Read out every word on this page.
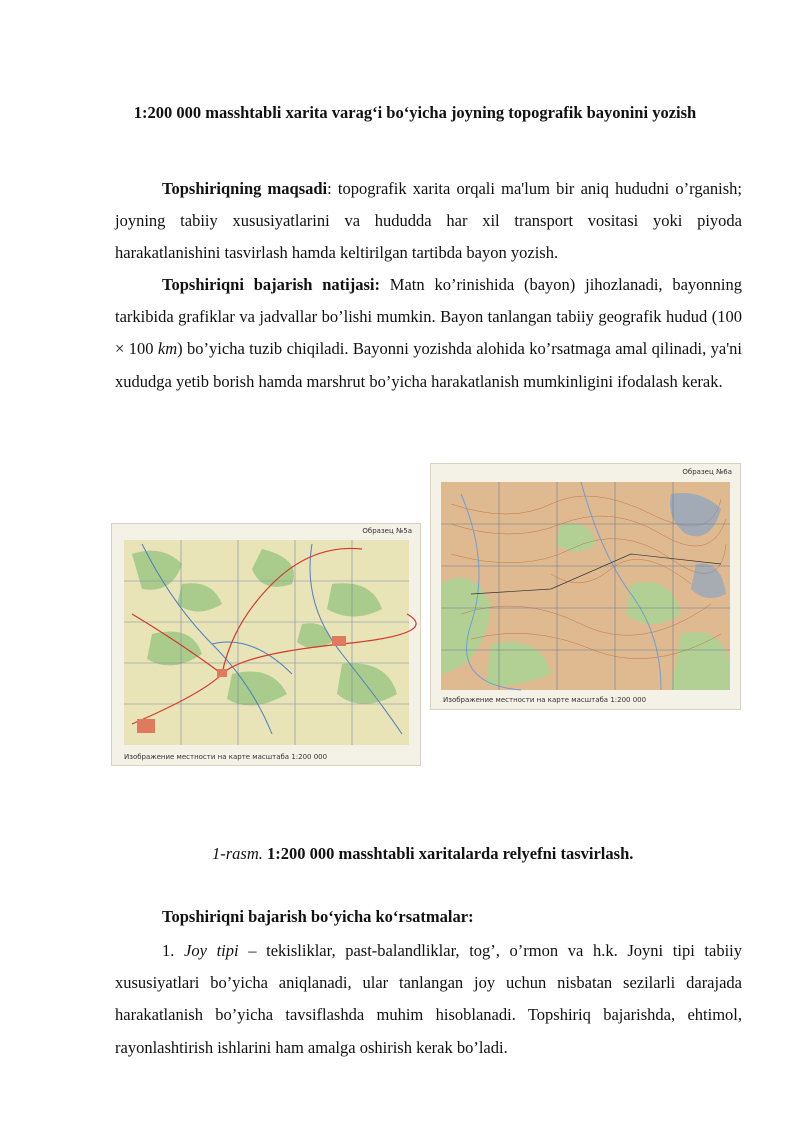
1:200 000 masshtabli xarita varag‘i bo‘yicha joyning topografik bayonini yozish

Topshiriqning maqsadi: topografik xarita orqali ma'lum bir aniq hududni o’rganish; joyning tabiiy xususiyatlarini va hududda har xil transport vositasi yoki piyoda harakatlanishini tasvirlash hamda keltirilgan tartibda bayon yozish.

Topshiriqni bajarish natijasi: Matn ko’rinishida (bayon) jihozlanadi, bayonning tarkibida grafiklar va jadvallar bo’lishi mumkin. Bayon tanlangan tabiiy geografik hudud (100 × 100 km) bo’yicha tuzib chiqiladi. Bayonni yozishda alohida ko’rsatmaga amal qilinadi, ya'ni xududga yetib borish hamda marshrut bo’yicha harakatlanish mumkinligini ifodalash kerak.

Образец №5а
Изображение местности на карте масштаба 1:200 000
Образец №6а
Изображение местности на карте масштаба 1:200 000
1-rasm. 1:200 000 masshtabli xaritalarda relyefni tasvirlash.
Topshiriqni bajarish bo‘yicha ko‘rsatmalar:

1. Joy tipi – tekisliklar, past-balandliklar, tog’, o’rmon va h.k. Joyni tipi tabiiy xususiyatlari bo’yicha aniqlanadi, ular tanlangan joy uchun nisbatan sezilarli darajada harakatlanish bo’yicha tavsiflashda muhim hisoblanadi. Topshiriq bajarishda, ehtimol, rayonlashtirish ishlarini ham amalga oshirish kerak bo’ladi.
